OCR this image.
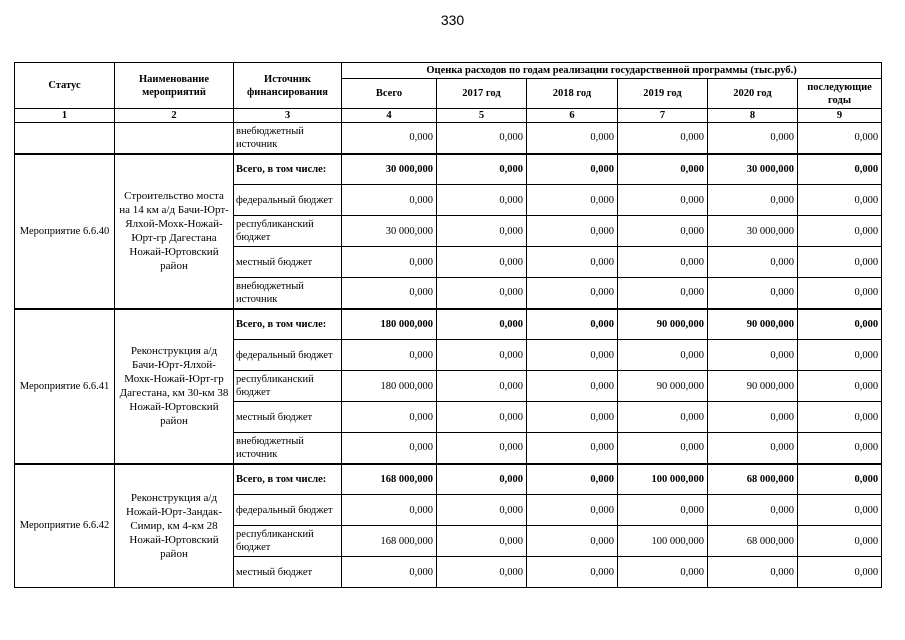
330
Статус	Наименование мероприятий	Источник финансирования	Оценка расходов по годам реализации государственной программы (тыс.руб.)					
			Всего	2017 год	2018 год	2019 год	2020 год	последующие годы
1	2	3	4	5	6	7	8	9
		внебюджетный источник	0,000	0,000	0,000	0,000	0,000	0,000
Мероприятие 6.6.40	Строительство моста на 14 км а/д Бачи-Юрт-Ялхой-Мохк-Ножай-Юрт-гр Дагестана Ножай-Юртовский район	Всего, в том числе:	30 000,000	0,000	0,000	0,000	30 000,000	0,000
		федеральный бюджет	0,000	0,000	0,000	0,000	0,000	0,000
		республиканский бюджет	30 000,000	0,000	0,000	0,000	30 000,000	0,000
		местный бюджет	0,000	0,000	0,000	0,000	0,000	0,000
		внебюджетный источник	0,000	0,000	0,000	0,000	0,000	0,000
Мероприятие 6.6.41	Реконструкция а/д Бачи-Юрт-Ялхой-Мохк-Ножай-Юрт-гр Дагестана, км 30-км 38 Ножай-Юртовский район	Всего, в том числе:	180 000,000	0,000	0,000	90 000,000	90 000,000	0,000
		федеральный бюджет	0,000	0,000	0,000	0,000	0,000	0,000
		республиканский бюджет	180 000,000	0,000	0,000	90 000,000	90 000,000	0,000
		местный бюджет	0,000	0,000	0,000	0,000	0,000	0,000
		внебюджетный источник	0,000	0,000	0,000	0,000	0,000	0,000
Мероприятие 6.6.42	Реконструкция а/д Ножай-Юрт-Зандак-Симир, км 4-км 28 Ножай-Юртовский район	Всего, в том числе:	168 000,000	0,000	0,000	100 000,000	68 000,000	0,000
		федеральный бюджет	0,000	0,000	0,000	0,000	0,000	0,000
		республиканский бюджет	168 000,000	0,000	0,000	100 000,000	68 000,000	0,000
		местный бюджет	0,000	0,000	0,000	0,000	0,000	0,000
